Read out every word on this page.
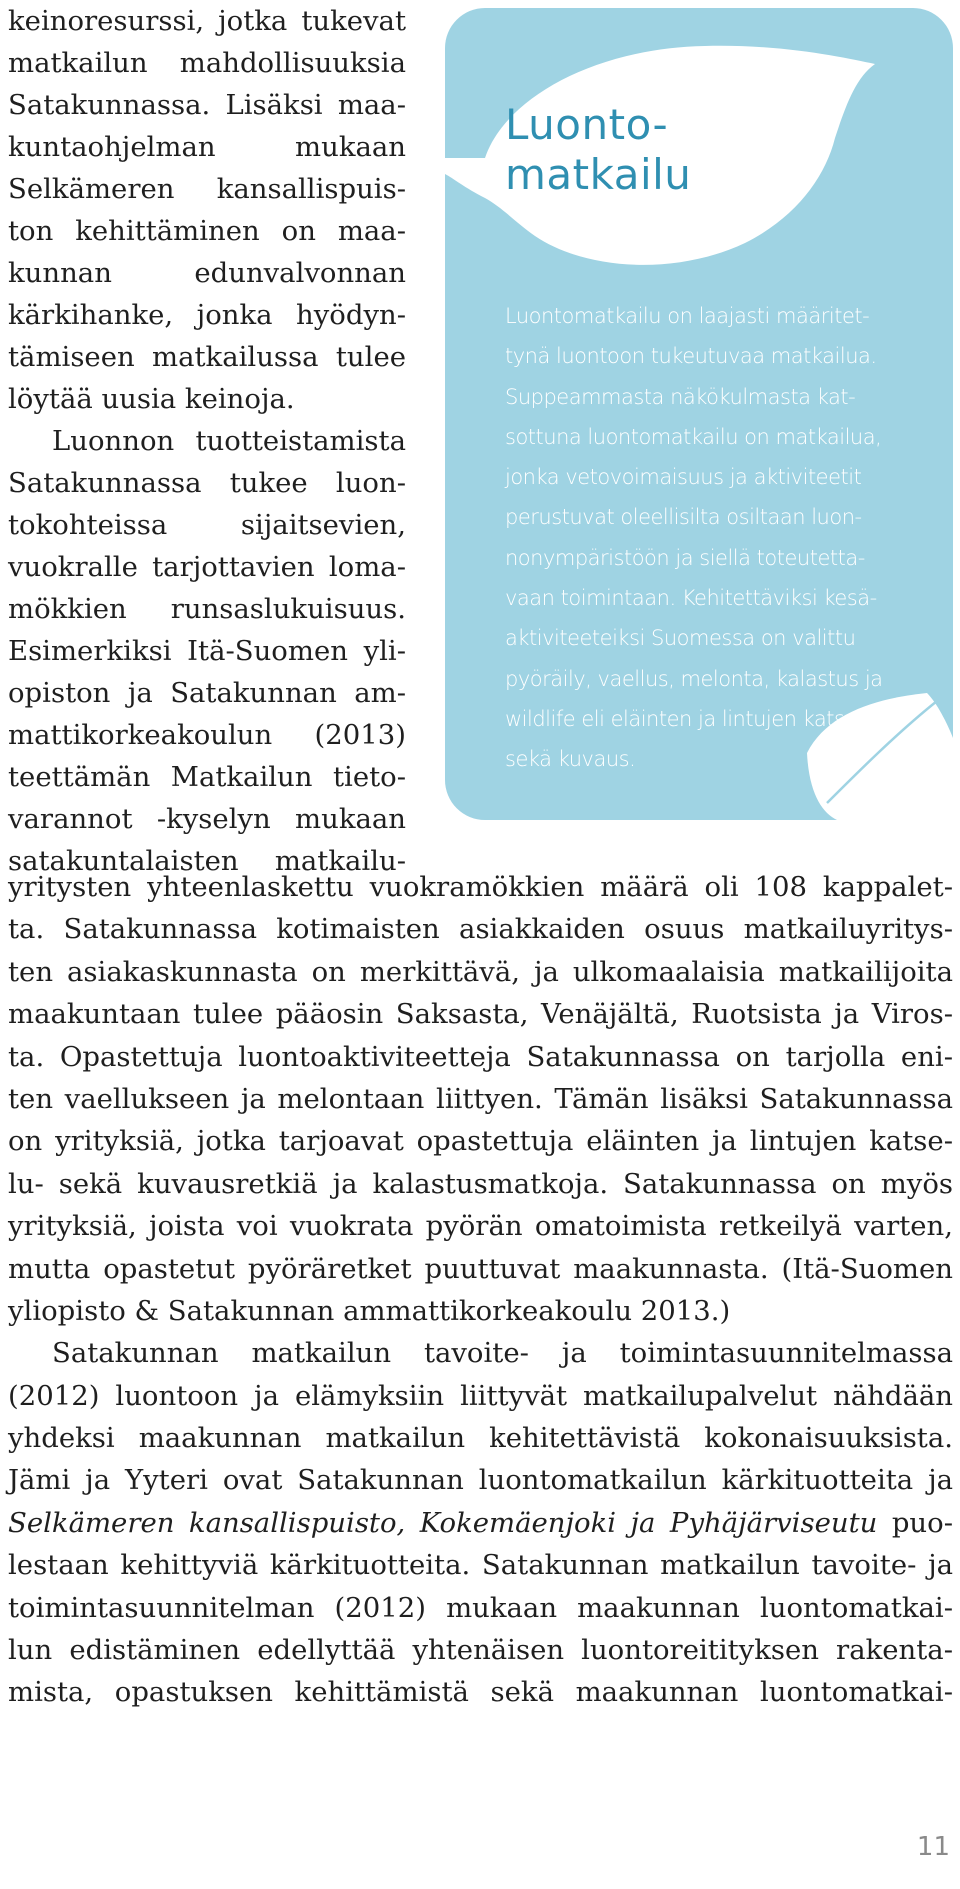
Luonto-
matkailu
Luontomatkailu on laajasti määritet-
tynä luontoon tukeutuvaa matkailua.
Suppeammasta näkökulmasta kat-
sottuna luontomatkailu on matkailua,
jonka vetovoimaisuus ja aktiviteetit
perustuvat oleellisilta osiltaan luon-
nonympäristöön ja siellä toteutetta-
vaan toimintaan. Kehitettäviksi kesä-
aktiviteeteiksi Suomessa on valittu
pyöräily, vaellus, melonta, kalastus ja
wildlife eli eläinten ja lintujen katselu
sekä kuvaus.
keinoresurssi, jotka tukevat
matkailun mahdollisuuksia
Satakunnassa. Lisäksi maa-
kuntaohjelman mukaan
Selkämeren kansallispuis-
ton kehittäminen on maa-
kunnan edunvalvonnan
kärkihanke, jonka hyödyn-
tämiseen matkailussa tulee
löytää uusia keinoja.
Luonnon tuotteistamista
Satakunnassa tukee luon-
tokohteissa sijaitsevien,
vuokralle tarjottavien loma-
mökkien runsaslukuisuus.
Esimerkiksi Itä-Suomen yli-
opiston ja Satakunnan am-
mattikorkeakoulun (2013)
teettämän Matkailun tieto-
varannot -kyselyn mukaan
satakuntalaisten matkailu-
yritysten yhteenlaskettu vuokramökkien määrä oli 108 kappalet-
ta. Satakunnassa kotimaisten asiakkaiden osuus matkailuyritys-
ten asiakaskunnasta on merkittävä, ja ulkomaalaisia matkailijoita
maakuntaan tulee pääosin Saksasta, Venäjältä, Ruotsista ja Viros-
ta. Opastettuja luontoaktiviteetteja Satakunnassa on tarjolla eni-
ten vaellukseen ja melontaan liittyen. Tämän lisäksi Satakunnassa
on yrityksiä, jotka tarjoavat opastettuja eläinten ja lintujen katse-
lu- sekä kuvausretkiä ja kalastusmatkoja. Satakunnassa on myös
yrityksiä, joista voi vuokrata pyörän omatoimista retkeilyä varten,
mutta opastetut pyöräretket puuttuvat maakunnasta. (Itä-Suomen
yliopisto & Satakunnan ammattikorkeakoulu 2013.)
Satakunnan matkailun tavoite- ja toimintasuunnitelmassa
(2012) luontoon ja elämyksiin liittyvät matkailupalvelut nähdään
yhdeksi maakunnan matkailun kehitettävistä kokonaisuuksista.
Jämi ja Yyteri ovat Satakunnan luontomatkailun kärkituotteita ja
Selkämeren kansallispuisto, Kokemäenjoki ja Pyhäjärviseutu puo-
lestaan kehittyviä kärkituotteita. Satakunnan matkailun tavoite- ja
toimintasuunnitelman (2012) mukaan maakunnan luontomatkai-
lun edistäminen edellyttää yhtenäisen luontoreitityksen rakenta-
mista, opastuksen kehittämistä sekä maakunnan luontomatkai-
11
